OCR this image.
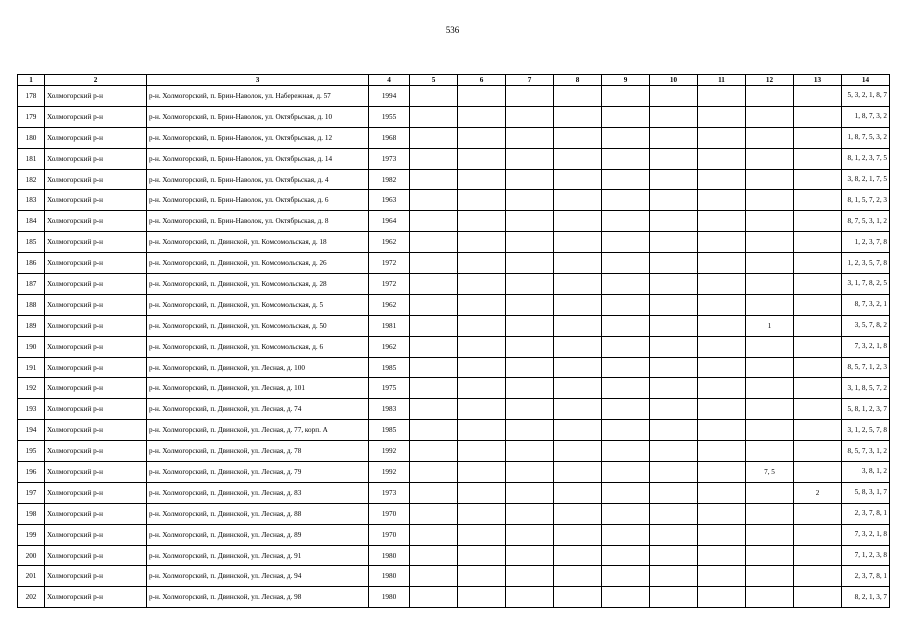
536
1	2	3	4	5	6	7	8	9	10	11	12	13	14
178	Холмогорский р-н	р-н. Холмогорский, п. Брин-Наволок, ул. Набережная, д. 57	1994										5, 3, 2, 1, 8, 7
179	Холмогорский р-н	р-н. Холмогорский, п. Брин-Наволок, ул. Октябрьская, д. 10	1955										1, 8, 7, 3, 2
180	Холмогорский р-н	р-н. Холмогорский, п. Брин-Наволок, ул. Октябрьская, д. 12	1968										1, 8, 7, 5, 3, 2
181	Холмогорский р-н	р-н. Холмогорский, п. Брин-Наволок, ул. Октябрьская, д. 14	1973										8, 1, 2, 3, 7, 5
182	Холмогорский р-н	р-н. Холмогорский, п. Брин-Наволок, ул. Октябрьская, д. 4	1982										3, 8, 2, 1, 7, 5
183	Холмогорский р-н	р-н. Холмогорский, п. Брин-Наволок, ул. Октябрьская, д. 6	1963										8, 1, 5, 7, 2, 3
184	Холмогорский р-н	р-н. Холмогорский, п. Брин-Наволок, ул. Октябрьская, д. 8	1964										8, 7, 5, 3, 1, 2
185	Холмогорский р-н	р-н. Холмогорский, п. Двинской, ул. Комсомольская, д. 18	1962										1, 2, 3, 7, 8
186	Холмогорский р-н	р-н. Холмогорский, п. Двинской, ул. Комсомольская, д. 26	1972										1, 2, 3, 5, 7, 8
187	Холмогорский р-н	р-н. Холмогорский, п. Двинской, ул. Комсомольская, д. 28	1972										3, 1, 7, 8, 2, 5
188	Холмогорский р-н	р-н. Холмогорский, п. Двинской, ул. Комсомольская, д. 5	1962										8, 7, 3, 2, 1
189	Холмогорский р-н	р-н. Холмогорский, п. Двинской, ул. Комсомольская, д. 50	1981								1		3, 5, 7, 8, 2
190	Холмогорский р-н	р-н. Холмогорский, п. Двинской, ул. Комсомольская, д. 6	1962										7, 3, 2, 1, 8
191	Холмогорский р-н	р-н. Холмогорский, п. Двинской, ул. Лесная, д. 100	1985										8, 5, 7, 1, 2, 3
192	Холмогорский р-н	р-н. Холмогорский, п. Двинской, ул. Лесная, д. 101	1975										3, 1, 8, 5, 7, 2
193	Холмогорский р-н	р-н. Холмогорский, п. Двинской, ул. Лесная, д. 74	1983										5, 8, 1, 2, 3, 7
194	Холмогорский р-н	р-н. Холмогорский, п. Двинской, ул. Лесная, д. 77, корп. А	1985										3, 1, 2, 5, 7, 8
195	Холмогорский р-н	р-н. Холмогорский, п. Двинской, ул. Лесная, д. 78	1992										8, 5, 7, 3, 1, 2
196	Холмогорский р-н	р-н. Холмогорский, п. Двинской, ул. Лесная, д. 79	1992								7, 5		3, 8, 1, 2
197	Холмогорский р-н	р-н. Холмогорский, п. Двинской, ул. Лесная, д. 83	1973									2	5, 8, 3, 1, 7
198	Холмогорский р-н	р-н. Холмогорский, п. Двинской, ул. Лесная, д. 88	1970										2, 3, 7, 8, 1
199	Холмогорский р-н	р-н. Холмогорский, п. Двинской, ул. Лесная, д. 89	1970										7, 3, 2, 1, 8
200	Холмогорский р-н	р-н. Холмогорский, п. Двинской, ул. Лесная, д. 91	1980										7, 1, 2, 3, 8
201	Холмогорский р-н	р-н. Холмогорский, п. Двинской, ул. Лесная, д. 94	1980										2, 3, 7, 8, 1
202	Холмогорский р-н	р-н. Холмогорский, п. Двинской, ул. Лесная, д. 98	1980										8, 2, 1, 3, 7
